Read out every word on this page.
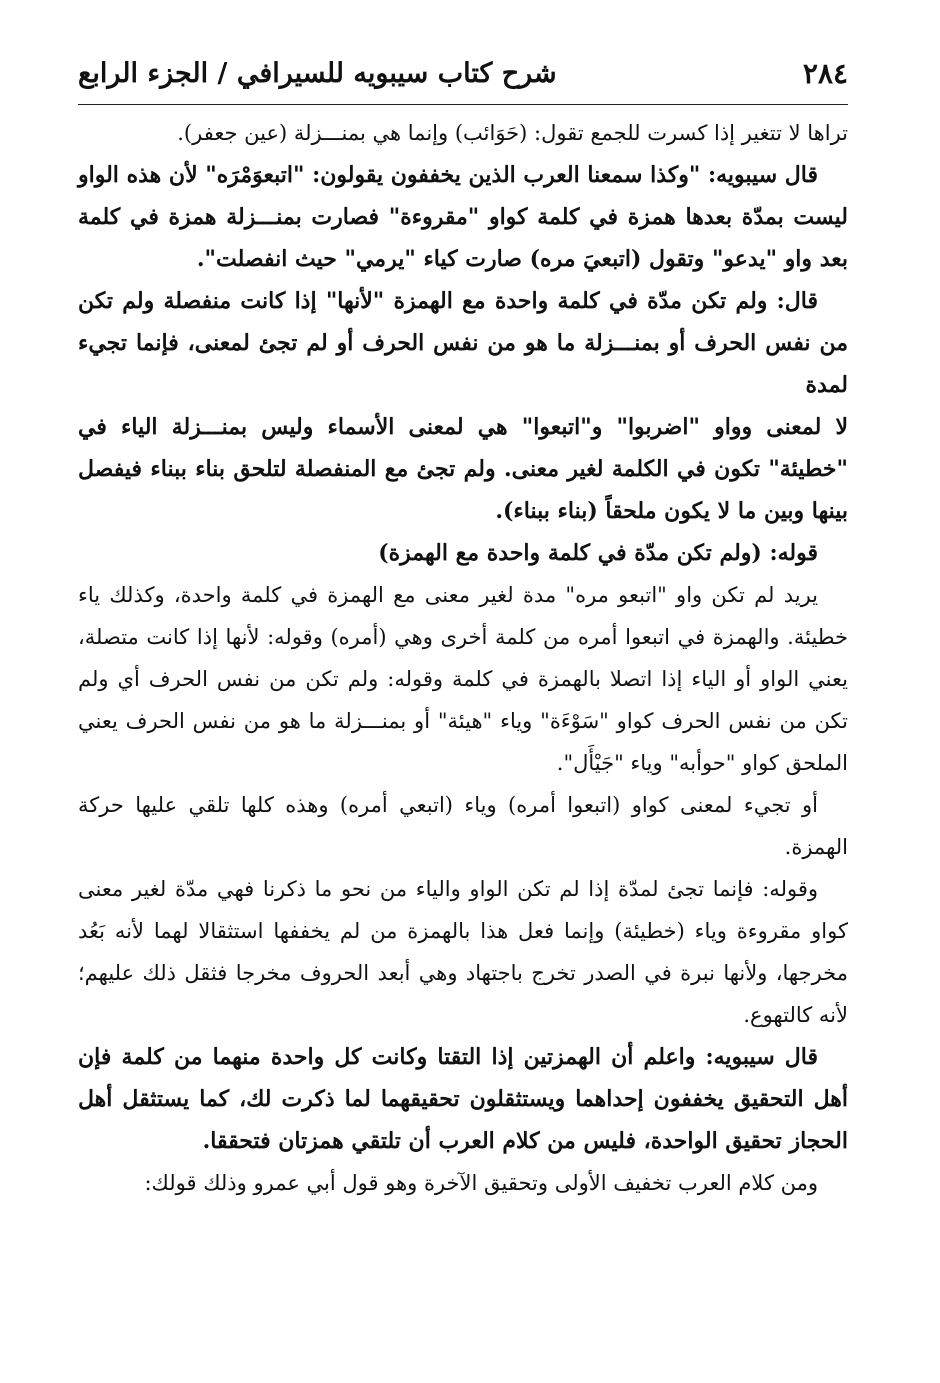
٢٨٤
شرح كتاب سيبويه للسيرافي / الجزء الرابع

تراها لا تتغير إذا كسرت للجمع تقول: (حَوَائب) وإنما هي بمنـــزلة (عين جعفر).

قال سيبويه: "وكذا سمعنا العرب الذين يخففون يقولون: "اتبعوَمْرَه" لأن هذه الواو ليست بمدّة بعدها همزة في كلمة كواو "مقروءة" فصارت بمنـــزلة همزة في كلمة بعد واو "يدعو" وتقول (اتبعيَ مره) صارت كياء "يرمي" حيث انفصلت".

قال: ولم تكن مدّة في كلمة واحدة مع الهمزة "لأنها" إذا كانت منفصلة ولم تكن من نفس الحرف أو بمنـــزلة ما هو من نفس الحرف أو لم تجئ لمعنى، فإنما تجيء لمدة

لا لمعنى وواو "اضربوا" و"اتبعوا" هي لمعنى الأسماء وليس بمنـــزلة الياء في "خطيئة" تكون في الكلمة لغير معنى. ولم تجئ مع المنفصلة لتلحق بناء ببناء فيفصل بينها وبين ما لا يكون ملحقاً (بناء ببناء).

قوله: (ولم تكن مدّة في كلمة واحدة مع الهمزة)

يريد لم تكن واو "اتبعو مره" مدة لغير معنى مع الهمزة في كلمة واحدة، وكذلك ياء خطيئة. والهمزة في اتبعوا أمره من كلمة أخرى وهي (أمره) وقوله: لأنها إذا كانت متصلة، يعني الواو أو الياء إذا اتصلا بالهمزة في كلمة وقوله: ولم تكن من نفس الحرف أي ولم تكن من نفس الحرف كواو "سَوْءَة" وياء "هيئة" أو بمنـــزلة ما هو من نفس الحرف يعني الملحق كواو "حوأبه" وياء "جَيْأَل".

أو تجيء لمعنى كواو (اتبعوا أمره) وياء (اتبعي أمره) وهذه كلها تلقي عليها حركة الهمزة.

وقوله: فإنما تجئ لمدّة إذا لم تكن الواو والياء من نحو ما ذكرنا فهي مدّة لغير معنى كواو مقروءة وياء (خطيئة) وإنما فعل هذا بالهمزة من لم يخففها استثقالا لهما لأنه بَعُد مخرجها، ولأنها نبرة في الصدر تخرج باجتهاد وهي أبعد الحروف مخرجا فثقل ذلك عليهم؛ لأنه كالتهوع.

قال سيبويه: واعلم أن الهمزتين إذا التقتا وكانت كل واحدة منهما من كلمة فإن أهل التحقيق يخففون إحداهما ويستثقلون تحقيقهما لما ذكرت لك، كما يستثقل أهل الحجاز تحقيق الواحدة، فليس من كلام العرب أن تلتقي همزتان فتحققا.

ومن كلام العرب تخفيف الأولى وتحقيق الآخرة وهو قول أبي عمرو وذلك قولك:
